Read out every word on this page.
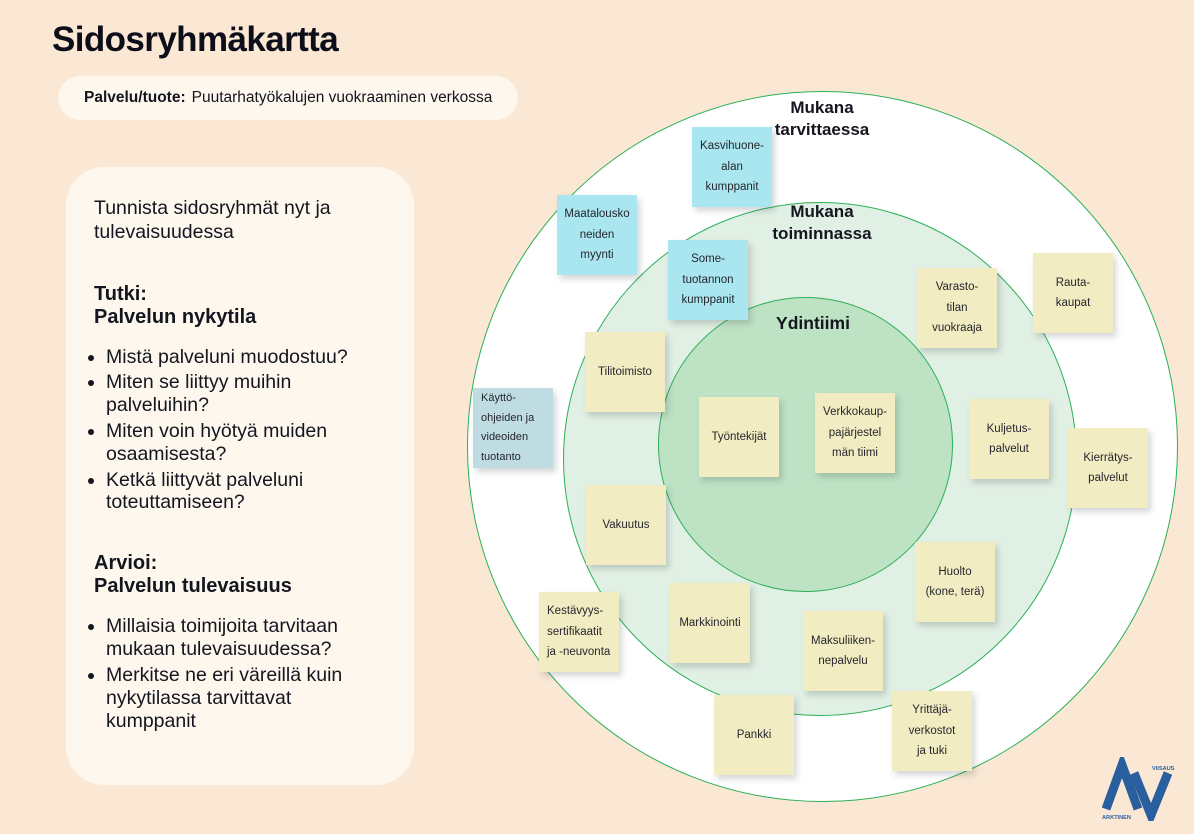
Sidosryhmäkartta
Palvelu/tuote: Puutarhatyökalujen vuokraaminen verkossa

Tunnista sidosryhmät nyt ja tulevaisuudessa

Tutki:
Palvelun nykytila
• Mistä palveluni muodostuu?
• Miten se liittyy muihin palveluihin?
• Miten voin hyötyä muiden osaamisesta?
• Ketkä liittyvät palveluni toteuttamiseen?
Arvioi:
Palvelun tulevaisuus
• Millaisia toimijoita tarvitaan mukaan tulevaisuudessa?
• Merkitse ne eri väreillä kuin nykytilassa tarvittavat kumppanit
Mukana
tarvittaessa
Mukana
toiminnassa
Ydintiimi
Kasvihuone-
alan
kumppanit
Maatalousko
neiden
myynti	Some-
tuotannon
kumppanit
Käyttö-
ohjeiden ja
videoiden
tuotanto
Tilitoimisto
Vakuutus
Työntekijät
Verkkokaup-
pajärjestel
män tiimi
Varasto-
tilan
vuokraaja
Rauta-
kaupat
Kuljetus-
palvelut
Kierrätys-
palvelut
Huolto
(kone, terä)
Kestävyys-
sertifikaatit
ja -neuvonta
Markkinointi
Maksuliiken-
nepalvelu
Pankki
Yrittäjä-
verkostot
ja tuki
VIISAUS
ARKTINEN
